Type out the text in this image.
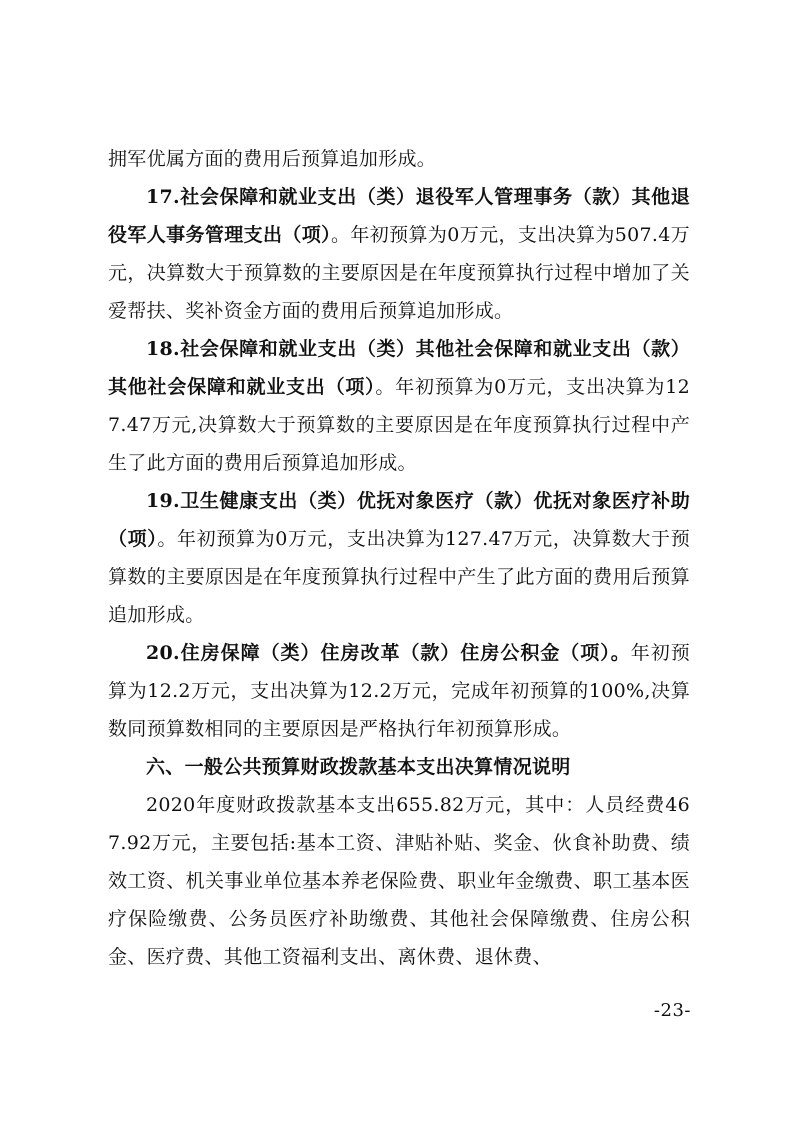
拥军优属方面的费用后预算追加形成。

17.社会保障和就业支出（类）退役军人管理事务（款）其他退役军人事务管理支出（项）。年初预算为0万元，支出决算为507.4万元，决算数大于预算数的主要原因是在年度预算执行过程中增加了关爱帮扶、奖补资金方面的费用后预算追加形成。

18.社会保障和就业支出（类）其他社会保障和就业支出（款）其他社会保障和就业支出（项）。年初预算为0万元，支出决算为127.47万元,决算数大于预算数的主要原因是在年度预算执行过程中产生了此方面的费用后预算追加形成。

19.卫生健康支出（类）优抚对象医疗（款）优抚对象医疗补助（项）。年初预算为0万元，支出决算为127.47万元，决算数大于预算数的主要原因是在年度预算执行过程中产生了此方面的费用后预算追加形成。

20.住房保障（类）住房改革（款）住房公积金（项）。年初预算为12.2万元，支出决算为12.2万元，完成年初预算的100%,决算数同预算数相同的主要原因是严格执行年初预算形成。

六、一般公共预算财政拨款基本支出决算情况说明

2020年度财政拨款基本支出655.82万元，其中：人员经费467.92万元，主要包括:基本工资、津贴补贴、奖金、伙食补助费、绩效工资、机关事业单位基本养老保险费、职业年金缴费、职工基本医疗保险缴费、公务员医疗补助缴费、其他社会保障缴费、住房公积金、医疗费、其他工资福利支出、离休费、退休费、

-23-
